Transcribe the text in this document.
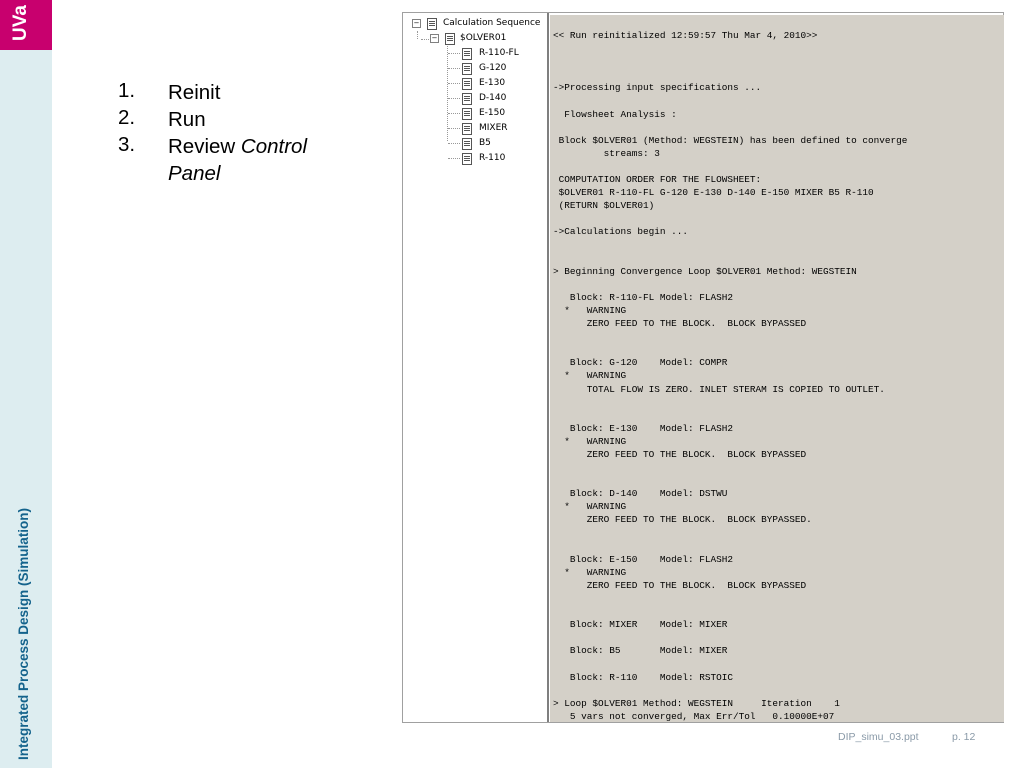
UVa
Integrated Process Design (Simulation)
1. Reinit
2. Run
3. Review Control Panel
−	Calculation Sequence
−	$OLVER01
R-110-FL
G-120
E-130
D-140
E-150
MIXER
B5
R-110
<< Run reinitialized 12:59:57 Thu Mar 4, 2010>>

->Processing input specifications ...

Flowsheet Analysis :

Block $OLVER01 (Method: WEGSTEIN) has been defined to converge
streams: 3

COMPUTATION ORDER FOR THE FLOWSHEET:
$OLVER01 R-110-FL G-120 E-130 D-140 E-150 MIXER B5 R-110
(RETURN $OLVER01)

->Calculations begin ...

> Beginning Convergence Loop $OLVER01 Method: WEGSTEIN

Block: R-110-FL Model: FLASH2
*   WARNING
ZERO FEED TO THE BLOCK.  BLOCK BYPASSED

Block: G-120    Model: COMPR
*   WARNING
TOTAL FLOW IS ZERO. INLET STERAM IS COPIED TO OUTLET.

Block: E-130    Model: FLASH2
*   WARNING
ZERO FEED TO THE BLOCK.  BLOCK BYPASSED

Block: D-140    Model: DSTWU
*   WARNING
ZERO FEED TO THE BLOCK.  BLOCK BYPASSED.

Block: E-150    Model: FLASH2
*   WARNING
ZERO FEED TO THE BLOCK.  BLOCK BYPASSED

Block: MIXER    Model: MIXER

Block: B5       Model: MIXER

Block: R-110    Model: RSTOIC

> Loop $OLVER01 Method: WEGSTEIN     Iteration    1
5 vars not converged, Max Err/Tol   0.10000E+07
DIP_simu_03.ppt	p. 12
